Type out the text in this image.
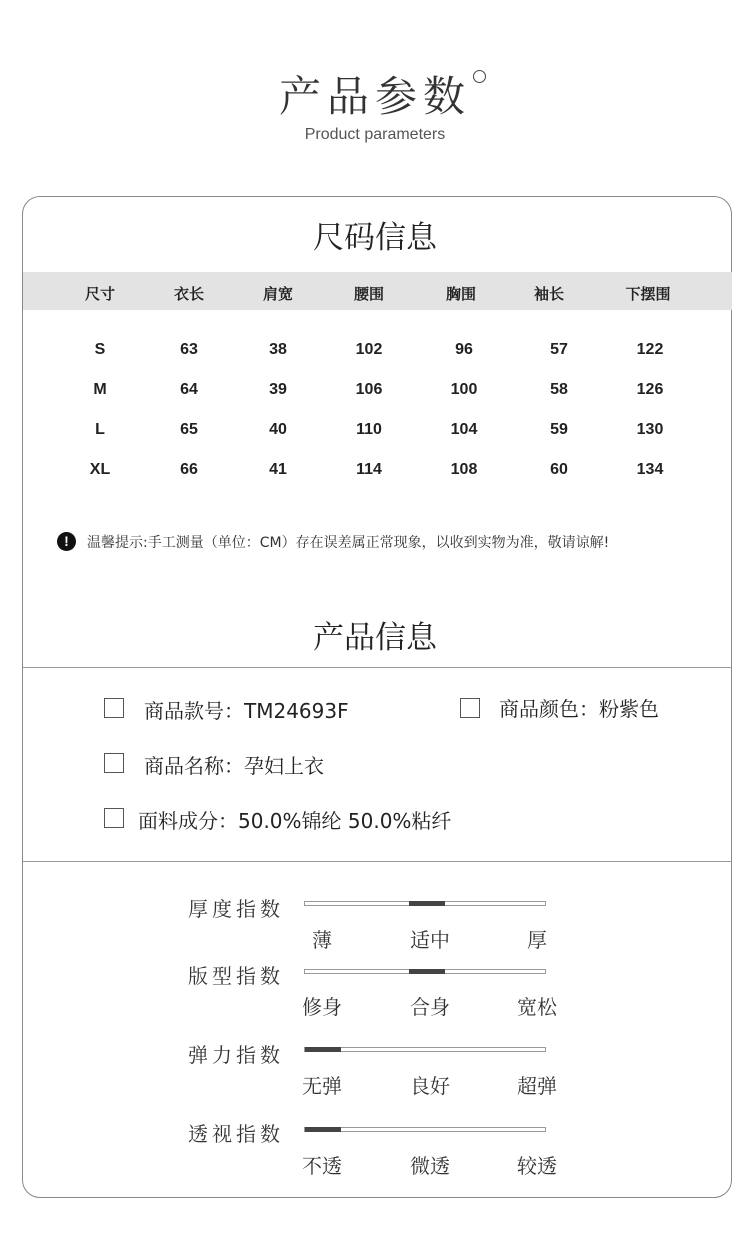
产品参数
Product parameters
尺码信息
尺寸	衣长	肩宽	腰围	胸围	袖长	下摆围
S	63	38	102	96	57	122
M	64	39	106	100	58	126
L	65	40	110	104	59	130
XL	66	41	114	108	60	134
!	温馨提示:手工测量（单位：CM）存在误差属正常现象，以收到实物为准，敬请谅解!
产品信息
商品款号：TM24693F	商品颜色：粉紫色
商品名称：孕妇上衣
面料成分：50.0%锦纶 50.0%粘纤
厚度指数
薄	适中	厚
版型指数
修身	合身	宽松
弹力指数
无弹	良好	超弹
透视指数
不透	微透	较透
